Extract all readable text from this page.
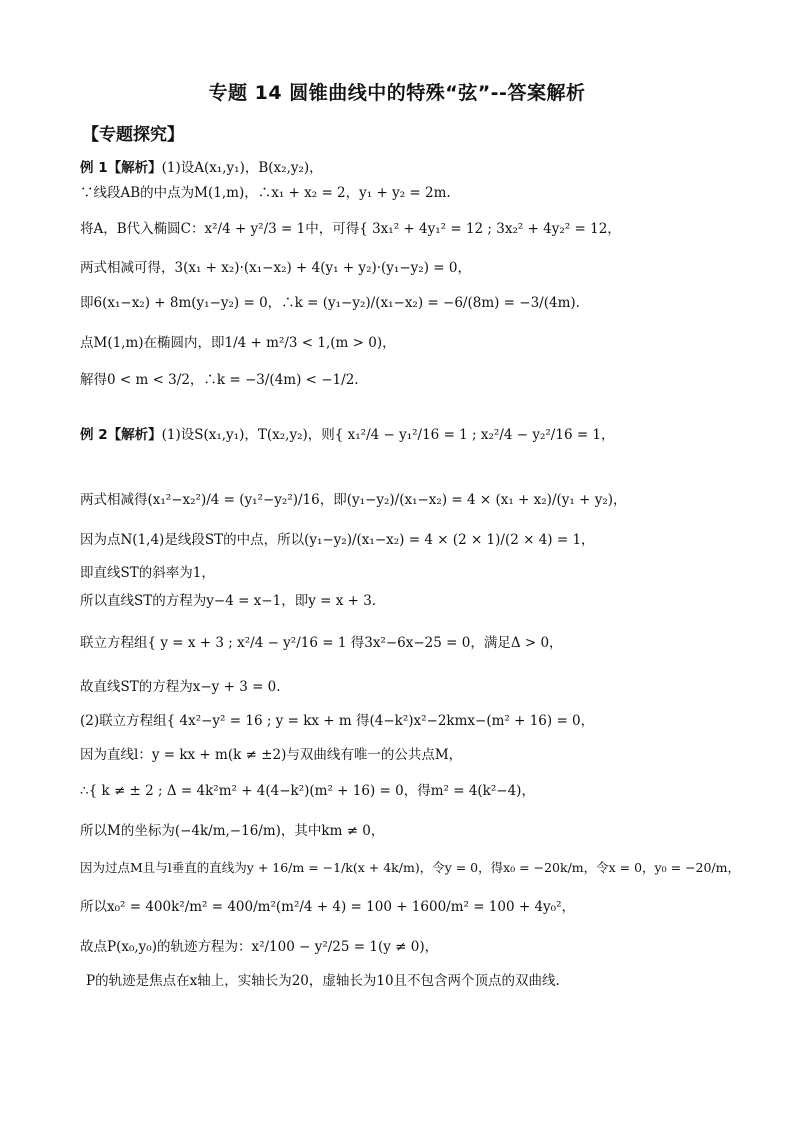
专题 14 圆锥曲线中的特殊“弦”--答案解析
【专题探究】
例 1【解析】(1)设A(x₁,y₁)，B(x₂,y₂)，
∵线段AB的中点为M(1,m)，∴x₁ + x₂ = 2，y₁ + y₂ = 2m.
将A，B代入椭圆C：x²/4 + y²/3 = 1中，可得{ 3x₁² + 4y₁² = 12 ; 3x₂² + 4y₂² = 12，
两式相减可得，3(x₁ + x₂)·(x₁−x₂) + 4(y₁ + y₂)·(y₁−y₂) = 0，
即6(x₁−x₂) + 8m(y₁−y₂) = 0，∴k = (y₁−y₂)/(x₁−x₂) = −6/(8m) = −3/(4m).
点M(1,m)在椭圆内，即1/4 + m²/3 < 1,(m > 0)，
解得0 < m < 3/2，∴k = −3/(4m) < −1/2.
例 2【解析】(1)设S(x₁,y₁)，T(x₂,y₂)，则{ x₁²/4 − y₁²/16 = 1 ; x₂²/4 − y₂²/16 = 1，
两式相减得(x₁²−x₂²)/4 = (y₁²−y₂²)/16，即(y₁−y₂)/(x₁−x₂) = 4 × (x₁ + x₂)/(y₁ + y₂)，
因为点N(1,4)是线段ST的中点，所以(y₁−y₂)/(x₁−x₂) = 4 × (2 × 1)/(2 × 4) = 1，
即直线ST的斜率为1，
所以直线ST的方程为y−4 = x−1，即y = x + 3.
联立方程组{ y = x + 3 ; x²/4 − y²/16 = 1 得3x²−6x−25 = 0，满足Δ > 0，
故直线ST的方程为x−y + 3 = 0.
(2)联立方程组{ 4x²−y² = 16 ; y = kx + m 得(4−k²)x²−2kmx−(m² + 16) = 0，
因为直线l：y = kx + m(k ≠ ±2)与双曲线有唯一的公共点M，
∴{ k ≠ ± 2 ; Δ = 4k²m² + 4(4−k²)(m² + 16) = 0，得m² = 4(k²−4)，
所以M的坐标为(−4k/m,−16/m)，其中km ≠ 0，
因为过点M且与l垂直的直线为y + 16/m = −1/k(x + 4k/m)，令y = 0，得x₀ = −20k/m，令x = 0，y₀ = −20/m，
所以x₀² = 400k²/m² = 400/m²(m²/4 + 4) = 100 + 1600/m² = 100 + 4y₀²，
故点P(x₀,y₀)的轨迹方程为：x²/100 − y²/25 = 1(y ≠ 0)，
P的轨迹是焦点在x轴上，实轴长为20，虚轴长为10且不包含两个顶点的双曲线.
